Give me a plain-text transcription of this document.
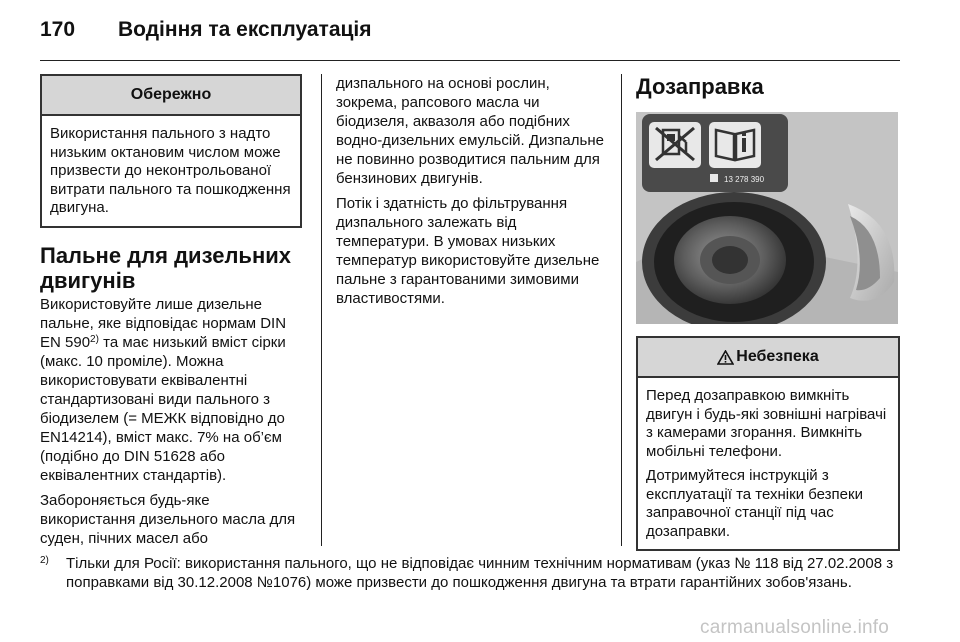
170	Водіння та експлуатація
Обережно

Використання пального з надто низьким октановим числом може призвести до неконтрольованої витрати пального та пошкодження двигуна.

Пальне для дизельних двигунів

Використовуйте лише дизельне пальне, яке відповідає нормам DIN EN 590$^{2)}$ та має низький вміст сірки (макс. 10 проміле). Можна використовувати еквівалентні стандартизовані види пального з біодизелем (= МЕЖК відповідно до EN14214), вміст макс. 7% на об’єм (подібно до DIN 51628 або еквівалентних стандартів).

Забороняється будь-яке використання дизельного масла для суден, пічних масел або

дизпального на основі рослин, зокрема, рапсового масла чи біодизеля, аквазоля або подібних водно-дизельних емульсій. Дизпальне не повинно розводитися пальним для бензинових двигунів.

Потік і здатність до фільтрування дизпального залежать від температури. В умовах низьких температур використовуйте дизельне пальне з гарантованими зимовими властивостями.

Дозаправка
13 278 390
Небезпека

Перед дозаправкою вимкніть двигун і будь-які зовнішні нагрівачі з камерами згорання. Вимкніть мобільні телефони.

Дотримуйтеся інструкцій з експлуатації та техніки безпеки заправочної станції під час дозаправки.

2) Тільки для Росії: використання пального, що не відповідає чинним технічним нормативам (указ № 118 від 27.02.2008 з поправками від 30.12.2008 №1076) може призвести до пошкодження двигуна та втрати гарантійних зобов'язань.
carmanualsonline.info
